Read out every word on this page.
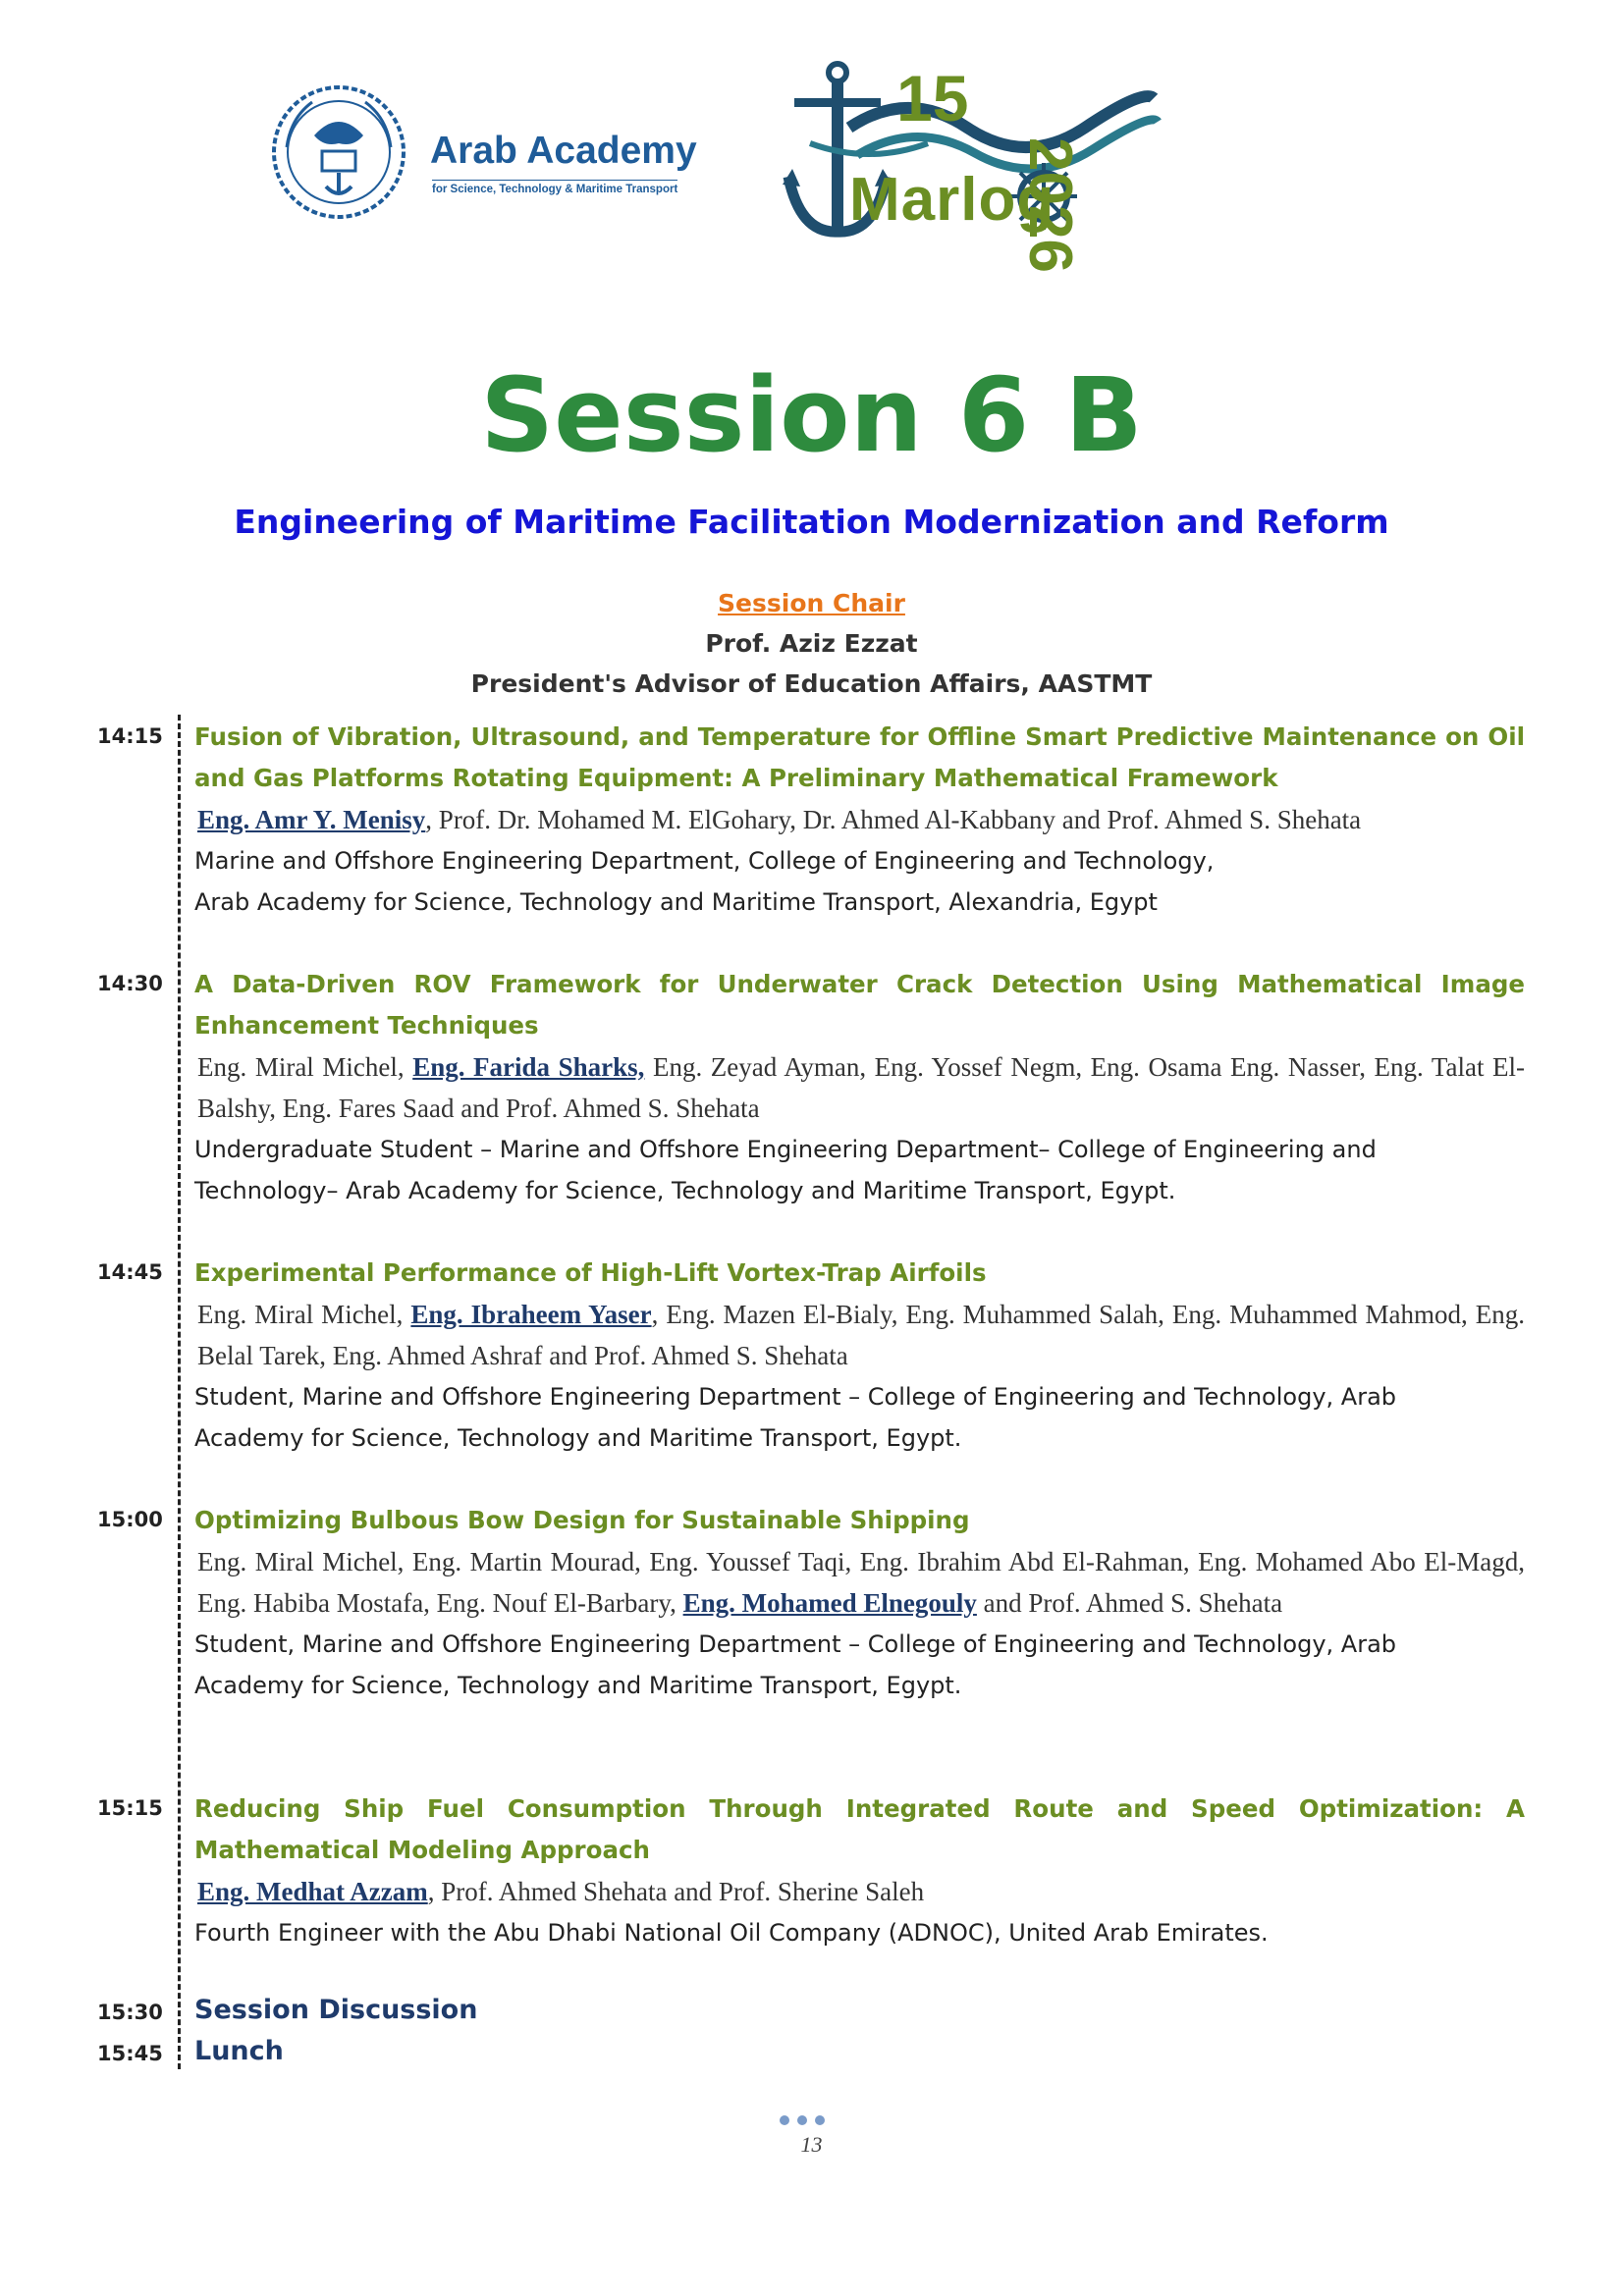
Arab Academy
for Science, Technology & Maritime Transport
15
Marlog
2026
Session 6 B
Engineering of Maritime Facilitation Modernization and Reform
Session Chair
Prof. Aziz Ezzat
President's Advisor of Education Affairs, AASTMT
14:15 Fusion of Vibration, Ultrasound, and Temperature for Offline Smart Predictive Maintenance on Oil and Gas Platforms Rotating Equipment: A Preliminary Mathematical Framework
Eng. Amr Y. Menisy, Prof. Dr. Mohamed M. ElGohary, Dr. Ahmed Al-Kabbany and Prof. Ahmed S. Shehata
Marine and Offshore Engineering Department, College of Engineering and Technology,
Arab Academy for Science, Technology and Maritime Transport, Alexandria, Egypt
14:30 A Data-Driven ROV Framework for Underwater Crack Detection Using Mathematical Image Enhancement Techniques
Eng. Miral Michel, Eng. Farida Sharks, Eng. Zeyad Ayman, Eng. Yossef Negm, Eng. Osama Eng. Nasser, Eng. Talat El-Balshy, Eng. Fares Saad and Prof. Ahmed S. Shehata
Undergraduate Student – Marine and Offshore Engineering Department– College of Engineering and
Technology– Arab Academy for Science, Technology and Maritime Transport, Egypt.
14:45 Experimental Performance of High-Lift Vortex-Trap Airfoils
Eng. Miral Michel, Eng. Ibraheem Yaser, Eng. Mazen El-Bialy, Eng. Muhammed Salah, Eng. Muhammed Mahmod, Eng. Belal Tarek, Eng. Ahmed Ashraf and Prof. Ahmed S. Shehata
Student, Marine and Offshore Engineering Department – College of Engineering and Technology, Arab
Academy for Science, Technology and Maritime Transport, Egypt.
15:00 Optimizing Bulbous Bow Design for Sustainable Shipping
Eng. Miral Michel, Eng. Martin Mourad, Eng. Youssef Taqi, Eng. Ibrahim Abd El-Rahman, Eng. Mohamed Abo El-Magd, Eng. Habiba Mostafa, Eng. Nouf El-Barbary, Eng. Mohamed Elnegouly and Prof. Ahmed S. Shehata
Student, Marine and Offshore Engineering Department – College of Engineering and Technology, Arab
Academy for Science, Technology and Maritime Transport, Egypt.
15:15 Reducing Ship Fuel Consumption Through Integrated Route and Speed Optimization: A Mathematical Modeling Approach
Eng. Medhat Azzam, Prof. Ahmed Shehata and Prof. Sherine Saleh
Fourth Engineer with the Abu Dhabi National Oil Company (ADNOC), United Arab Emirates.
15:30 Session Discussion
15:45 Lunch
13
